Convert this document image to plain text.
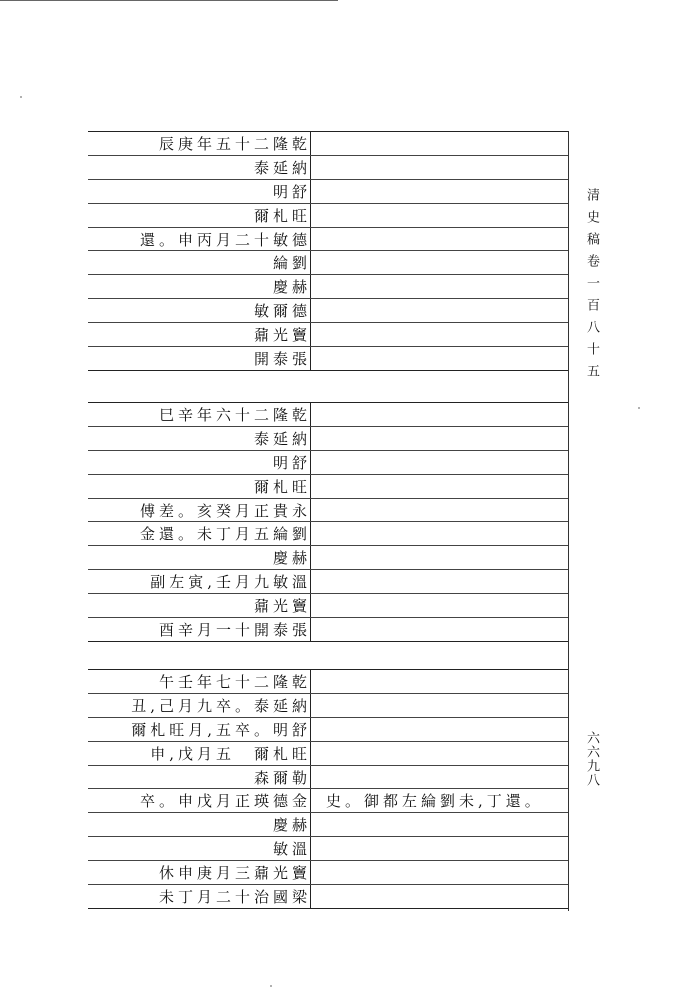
辰庚年五十二隆乾
泰延納
明舒
爾札旺
還。申丙月二十敏德
綸劉
慶赫
敏爾德
鼐光竇
開泰張
巳辛年六十二隆乾
泰延納
明舒
爾札旺
傅差。亥癸月正貴永
金還。未丁月五綸劉
慶赫
副左寅,壬月九敏溫
鼐光竇
酉辛月一十開泰張
午壬年七十二隆乾
丑,己月九卒。泰延納
爾札旺月,五卒。明舒
申,戊月五　爾札旺
森爾勒
卒。申戊月正瑛德金	史。御都左綸劉未,丁還。
慶赫
敏溫
休申庚月三鼐光竇
未丁月二十治國梁
清史稿卷一百八十五
六六九八
